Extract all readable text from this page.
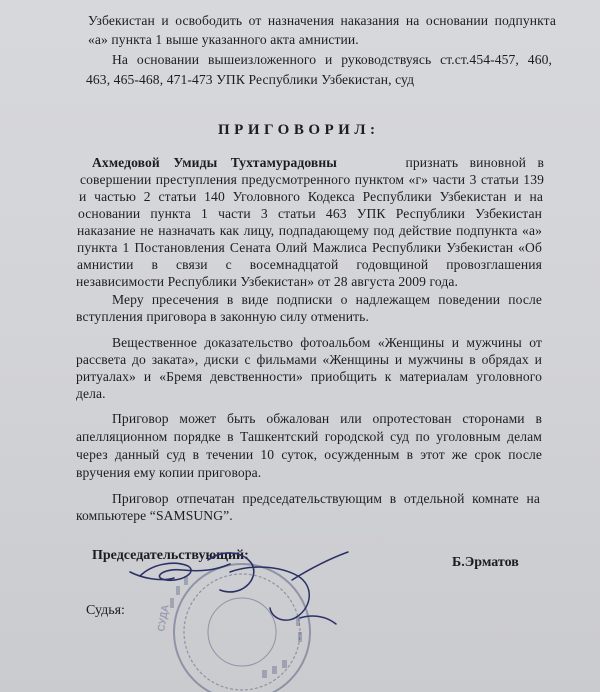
Узбекистан и освободить от назначения наказания на основании подпункта
«а» пункта 1 выше указанного акта амнистии.
На основании вышеизложенного и руководствуясь ст.ст.454-457, 460,
463, 465-468, 471-473 УПК Республики Узбекистан, суд
ПРИГОВОРИЛ:
Ахмедовой Умиды Тухтамурадовны	признать виновной в
совершении преступления предусмотренного пунктом «г» части 3 статьи 139
и частью 2 статьи 140 Уголовного Кодекса Республики Узбекистан и на
основании пункта 1 части 3 статьи 463 УПК Республики Узбекистан
наказание не назначать как лицу, подпадающему под действие подпункта «а»
пункта 1 Постановления Сената Олий Мажлиса Республики Узбекистан «Об
амнистии в связи с восемнадцатой годовщиной провозглашения
независимости Республики Узбекистан» от 28 августа 2009 года.
Меру пресечения в виде подписки о надлежащем поведении после
вступления приговора в законную силу отменить.
Вещественное доказательство фотоальбом «Женщины и мужчины от
рассвета до заката», диски с фильмами «Женщины и мужчины в обрядах и
ритуалах» и «Бремя девственности» приобщить к материалам уголовного
дела.
Приговор может быть обжалован или опротестован сторонами в
апелляционном порядке в Ташкентский городской суд по уголовным делам
через данный суд в течении 10 суток, осужденным в этот же срок после
вручения ему копии приговора.
Приговор отпечатан председательствующим в отдельной комнате на
компьютере “SAMSUNG”.
Председательствующий:	Б.Эрматов
Судья:	СУДА
